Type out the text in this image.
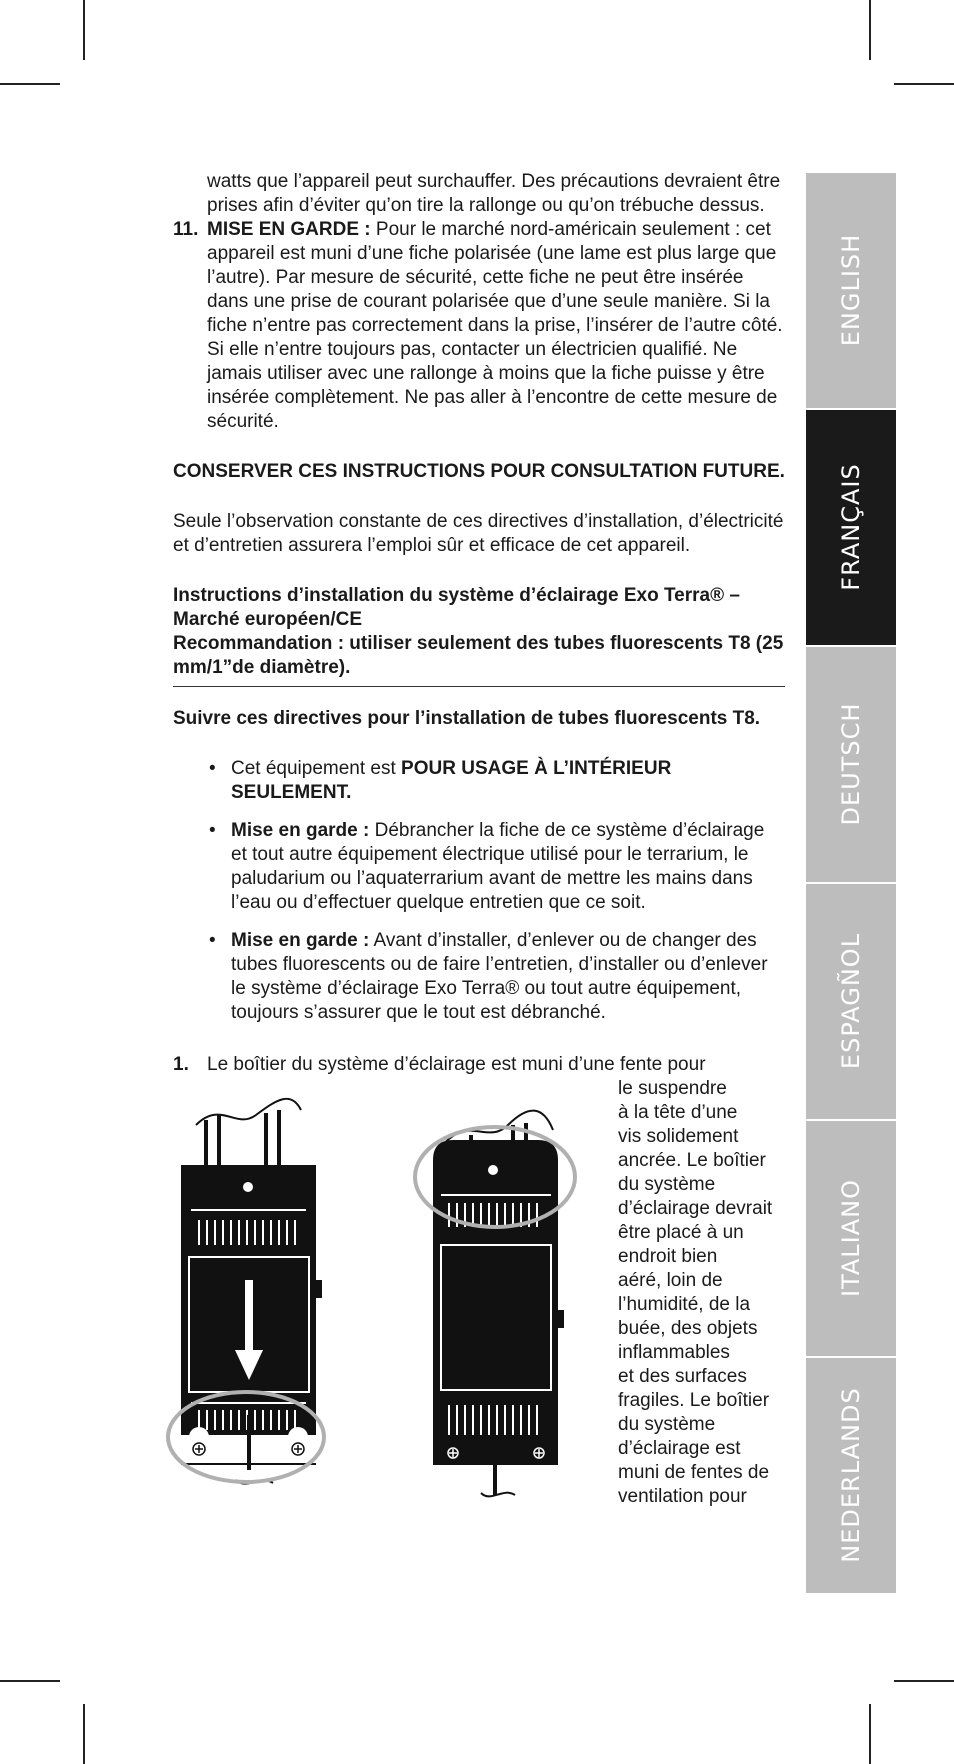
watts que l’appareil peut surchauffer. Des précautions devraient être prises afin d’éviter qu’on tire la rallonge ou qu’on trébuche dessus.

11. MISE EN GARDE : Pour le marché nord-américain seulement : cet appareil est muni d’une fiche polarisée (une lame est plus large que l’autre). Par mesure de sécurité, cette fiche ne peut être insérée dans une prise de courant polarisée que d’une seule manière. Si la fiche n’entre pas correctement dans la prise, l’insérer de l’autre côté. Si elle n’entre toujours pas, contacter un électricien qualifié. Ne jamais utiliser avec une rallonge à moins que la fiche puisse y être insérée complètement. Ne pas aller à l’encontre de cette mesure de sécurité.

CONSERVER CES INSTRUCTIONS POUR CONSULTATION FUTURE.

Seule l’observation constante de ces directives d’installation, d’électricité et d’entretien assurera l’emploi sûr et efficace de cet appareil.

Instructions d’installation du système d’éclairage Exo Terra® – Marché européen/CE

Recommandation : utiliser seulement des tubes fluorescents T8 (25 mm/1”de diamètre).

Suivre ces directives pour l’installation de tubes fluorescents T8.

• Cet équipement est POUR USAGE À L’INTÉRIEUR SEULEMENT.
• Mise en garde : Débrancher la fiche de ce système d’éclairage et tout autre équipement électrique utilisé pour le terrarium, le paludarium ou l’aquaterrarium avant de mettre les mains dans l’eau ou d’effectuer quelque entretien que ce soit.
• Mise en garde : Avant d’installer, d’enlever ou de changer des tubes fluorescents ou de faire l’entretien, d’installer ou d’enlever le système d’éclairage Exo Terra® ou tout autre équipement, toujours s’assurer que le tout est débranché.
1. Le boîtier du système d’éclairage est muni d’une fente pour
le suspendre
à la tête d’une
vis solidement
ancrée. Le boîtier
du système
d’éclairage devrait
être placé à un
endroit bien
aéré, loin de
l’humidité, de la
buée, des objets
inflammables
et des surfaces
fragiles. Le boîtier
du système
d’éclairage est
muni de fentes de
ventilation pour
ENGLISH
FRANÇAIS
DEUTSCH
ESPAGÑOL
ITALIANO
NEDERLANDS
